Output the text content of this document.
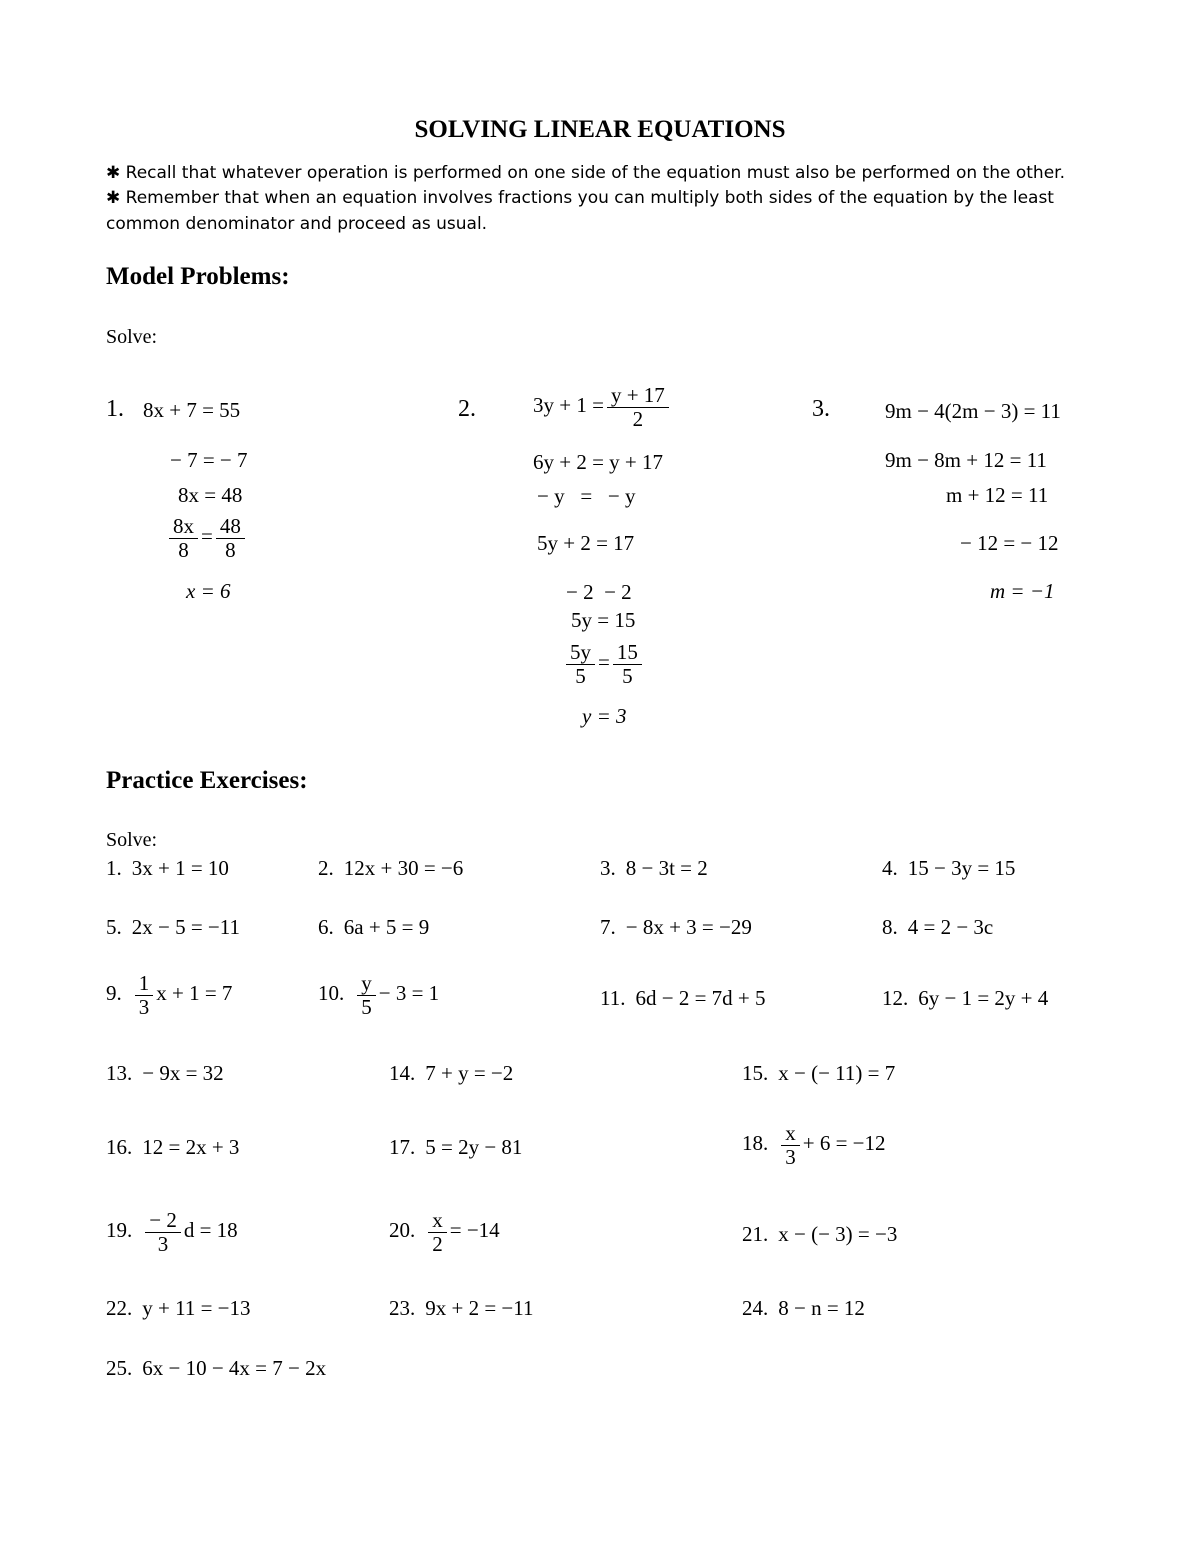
SOLVING LINEAR EQUATIONS
✱ Recall that whatever operation is performed on one side of the equation must also be performed on the other.
✱ Remember that when an equation involves fractions you can multiply both sides of the equation by the least
common denominator and proceed as usual.
Model Problems:
Solve:
1. 8x + 7 = 55
− 7 = − 7
8x = 48
$\frac{8x}{8} = \frac{48}{8}$
x = 6
2.	$3y + 1 = \frac{y + 17}{2}$
6y + 2 = y + 17
− y   =   − y
5y + 2 = 17
− 2  − 2
5y = 15
$\frac{5y}{5} = \frac{15}{5}$
y = 3
3.	9m − 4(2m − 3) = 11
9m − 8m + 12 = 11
m + 12 = 11
− 12 = − 12
m = −1
Practice Exercises:
Solve:
1. 3x + 1 = 10	2. 12x + 30 = −6	3. 8 − 3t = 2	4. 15 − 3y = 15
5. 2x − 5 = −11	6. 6a + 5 = 9	7. − 8x + 3 = −29	8. 4 = 2 − 3c
9. $\frac{1}{3}$ x + 1 = 7	10. $\frac{y}{5} - 3 = 1$	11. 6d − 2 = 7d + 5	12. 6y − 1 = 2y + 4
13. − 9x = 32	14. 7 + y = −2	15. x − (− 11) = 7
16. 12 = 2x + 3	17. 5 = 2y − 81	18. $\frac{x}{3} + 6 = -12$
19. $\frac{- 2}{3}$ d = 18	20. $\frac{x}{2} = -14$	21. x − (− 3) = −3
22. y + 11 = −13	23. 9x + 2 = −11	24. 8 − n = 12
25. 6x − 10 − 4x = 7 − 2x
